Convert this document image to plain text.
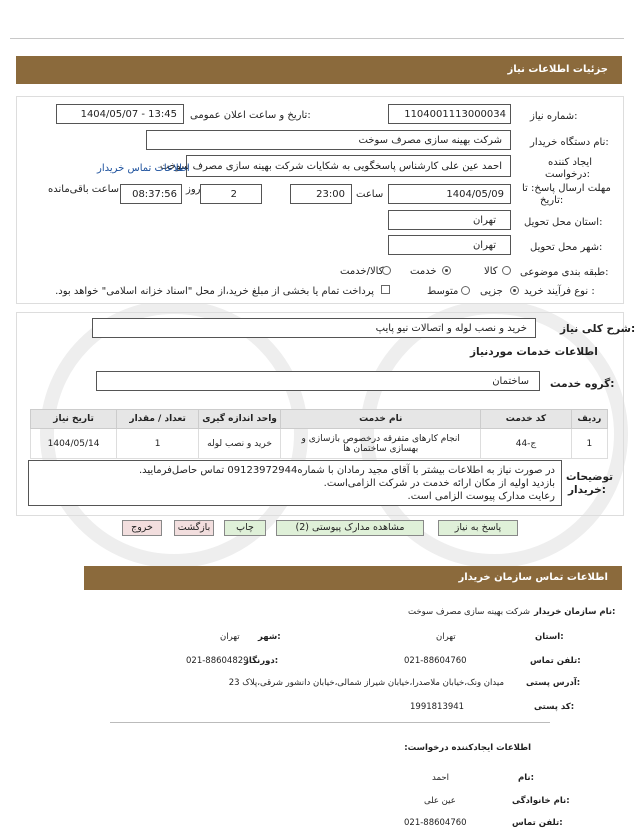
جزئیات اطلاعات نیاز
شماره نیاز:
1104001113000034
تاریخ و ساعت اعلان عمومی:
1404/05/07 - 13:45
نام دستگاه خریدار:
شرکت بهینه سازی مصرف سوخت
ایجاد کننده
درخواست:
احمد عین علی کارشناس پاسخگویی به شکایات شرکت بهینه سازی مصرف سوخت
اطلاعات تماس خریدار
مهلت ارسال پاسخ: تا
تاریخ:
1404/05/09
ساعت
23:00
2
روز
08:37:56
ساعت باقی‌مانده
استان محل تحویل:
تهران
شهر محل تحویل:
تهران
طبقه بندی موضوعی:
کالا
خدمت
کالا/خدمت
نوع فرآیند خرید :
جزیی
متوسط
پرداخت تمام یا بخشی از مبلغ خرید،از محل "اسناد خزانه اسلامی" خواهد بود.
شرح کلی نیاز:
خرید و نصب لوله و اتصالات نیو پایپ
اطلاعات خدمات موردنیاز
گروه خدمت:
ساختمان
تاریخ نیاز	تعداد / مقدار	واحد اندازه گیری	نام خدمت	کد خدمت	ردیف
1404/05/14	1	خرید و نصب لوله	انجام کارهای متفرقه درخصوص بازسازی و
بهسازی ساختمان ها	ج-44	1
توضیحات
خریدار:
در صورت نیاز به اطلاعات بیشتر با آقای مجید رمادان با شماره09123972944 تماس حاصل‌فرمایید.
بازدید اولیه از مکان ارائه خدمت در شرکت الزامی‌است.
رعایت مدارک پیوست الزامی است.
پاسخ به نیاز
مشاهده مدارک پیوستی (2)
چاپ
بازگشت
خروج
اطلاعات تماس سازمان خریدار
نام سازمان خریدار:
شرکت بهینه سازی مصرف سوخت
استان:
تهران
شهر:
تهران
تلفن تماس:
021-88604760
دورنگار:
021-88604829
آدرس پستی:
میدان ونک،خیابان ملاصدرا،خیابان شیراز شمالی،خیابان دانشور شرقی،پلاک 23
کد پستی:
1991813941
اطلاعات ایجادکننده درخواست:
نام:
احمد
نام خانوادگی:
عین علی
تلفن تماس:
021-88604760
